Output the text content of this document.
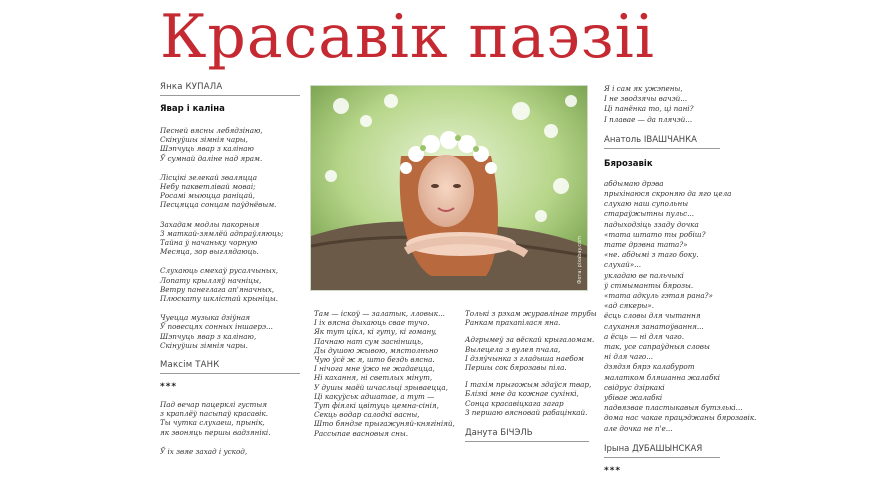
Красавік паэзіі
Янка КУПАЛА
Явар і каліна
Песней вясны лебядзінаю,
Скінуўшы зімнія чары,
Шэпчуць явар з калінаю
Ў сумнай даліне над ярам.
Лісцікі зелекай зваляцца
Небу пакветлівай моваі;
Росамі мыюцца раніцай,
Песцяцца сонцам паўднёвым.
Захадам модлы пакорныя
З маткай-зямлёй адпраўляюць;
Тайна ў начаньку чорную
Месяца, зор выглядаюць.
Слухаюць смехаў русалчыных,
Лопату крылляў начніцы,
Ветру панеглага ап'яначных,
Плюскату шклістай крыніцы.
Чуецца музыка дзіўная
Ў повесцях сонных іншаерэ...
Шэпчуць явар з калінаю,
Скінуўшы зімнія чары.
Максім ТАНК
***
Пад вечар пацерклі густыя
з краплёў пасыпаў красавік.
Ты чутка слухаеш, прынік,
як звоняць першы вадзянікі.
Ў іх звяе захад і ускод,
Фота: pixabay.com
Там — іскоў — залатык, лловык...
І іх вясна дыхаюць свае тучо.
Як тут цікл, кі гуту, кі гоманy,
Пачнаю нат сум засніншць,
Ды душою жывою, мястолньно
Чую ўсё ж я, што бездь вясна.
І нічога мне ўжо не жадаецца,
Ні кахання, ні светлых мінут,
У душы маёй шчасльці зрываецца,
Ці какуўськ адшатае, а тут —
Тут фіялкі цвітуць цемна-сінія,
Секць водар салодкі васны,
Што бяндзе прыгажуняй-княгініяй,
Рассыпае васновыя сны.
Толькі з рэхам журавлінае трубы
Ранкам прахапілася яна.
Адгрымеў за вёскай крыгаломам.
Вылецела з вулея пчала,
І дзяўчынка з гладыша наебом
Першы сок бярозавы піла.
І тахім прыгожым здаўся твар,
Блізкі мне да кожнае сухінкі,
Сонца красавіцкага загар
З першаю вясновай рабацінкай.
Данута БІЧЭЛЬ
Я і сам як ужэпены,
І не зводзячы вачэй...
Ці панёнка то, ці пані?
І плавае — да плячэй...
Анатоль ІВАШЧАНКА
Бярозавік
абдымаю дрэва
прыхінаюся скроняю да яго цела
слухаю наш супольны
стараўжытны пульс...
падыходзіць ззаду дочка
«тата штато ты робіш?
тате дрэвна тата?»
«не. абдымі з таго боку.
слухай»...
укладаю ве пальчыкі
ў стмыманты бярозы.
«тата адкуль гэтая рана?»
«ад сякеры».
ёсць словы для чытання
слухання занатоўвання...
а ёсць — ні для чаго.
так, усе сапраўдныя словы
ні для чаго...
дзядзя бярэ калабурот
малатком бляшанна жалабкі
свідрус дзіркакі
убівае жалабкі
падвязвае пластыкавыя бутэлькі...
дома нас чакае працэджаны бярозавік.
але дочка не п'е...
Ірына ДУБАШЫНСКАЯ
***
